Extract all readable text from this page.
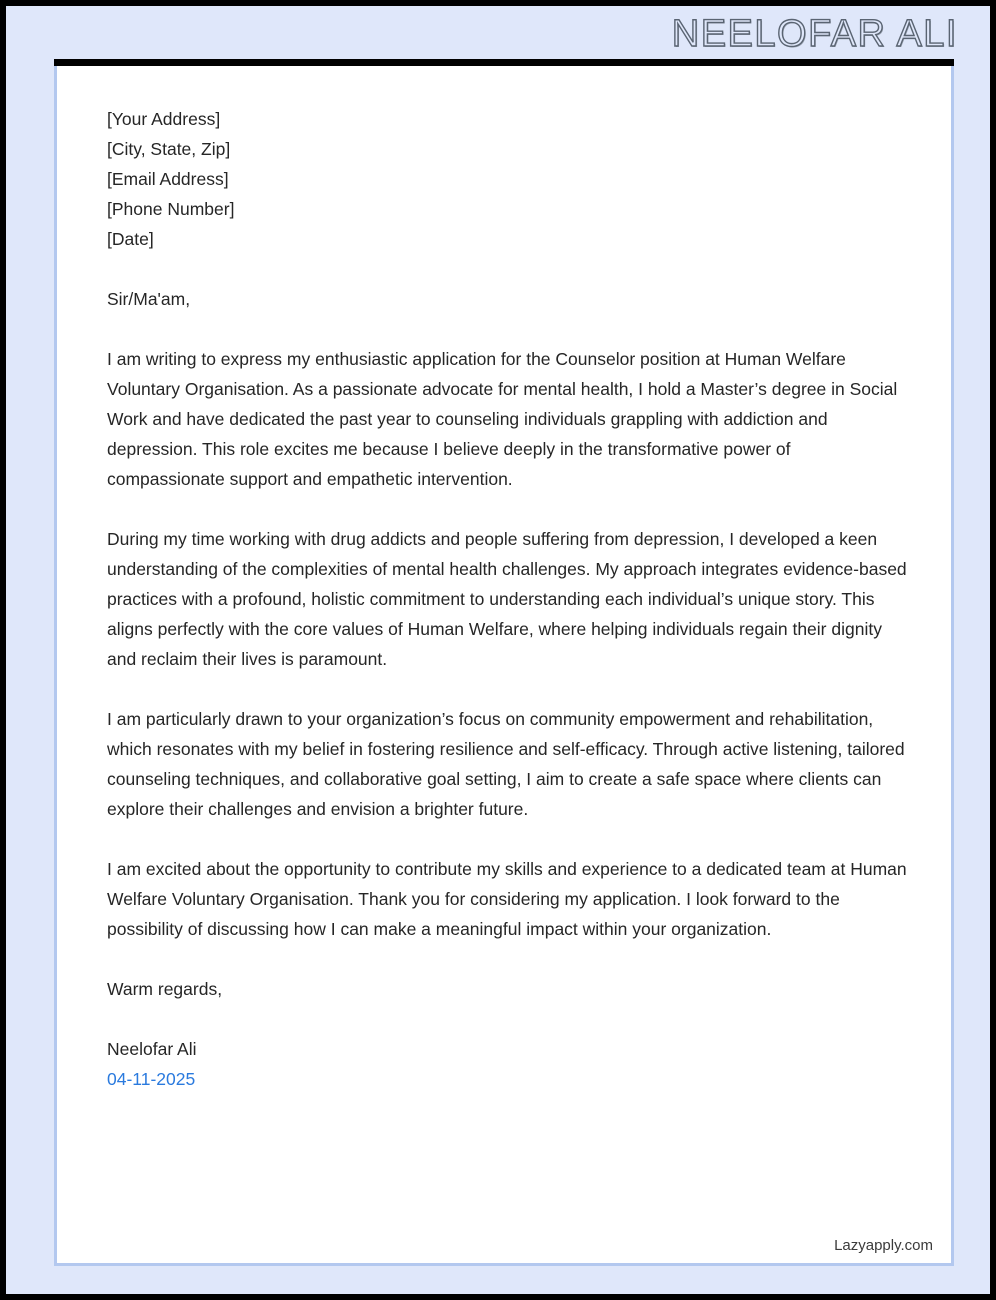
NEELOFAR ALI
[Your Address]
[City, State, Zip]
[Email Address]
[Phone Number]
[Date]

Sir/Ma'am,

I am writing to express my enthusiastic application for the Counselor position at Human Welfare Voluntary Organisation. As a passionate advocate for mental health, I hold a Master’s degree in Social Work and have dedicated the past year to counseling individuals grappling with addiction and depression. This role excites me because I believe deeply in the transformative power of compassionate support and empathetic intervention.

During my time working with drug addicts and people suffering from depression, I developed a keen understanding of the complexities of mental health challenges. My approach integrates evidence-based practices with a profound, holistic commitment to understanding each individual’s unique story. This aligns perfectly with the core values of Human Welfare, where helping individuals regain their dignity and reclaim their lives is paramount.

I am particularly drawn to your organization’s focus on community empowerment and rehabilitation, which resonates with my belief in fostering resilience and self-efficacy. Through active listening, tailored counseling techniques, and collaborative goal setting, I aim to create a safe space where clients can explore their challenges and envision a brighter future.

I am excited about the opportunity to contribute my skills and experience to a dedicated team at Human Welfare Voluntary Organisation. Thank you for considering my application. I look forward to the possibility of discussing how I can make a meaningful impact within your organization.

Warm regards,

Neelofar Ali

04-11-2025

Lazyapply.com
